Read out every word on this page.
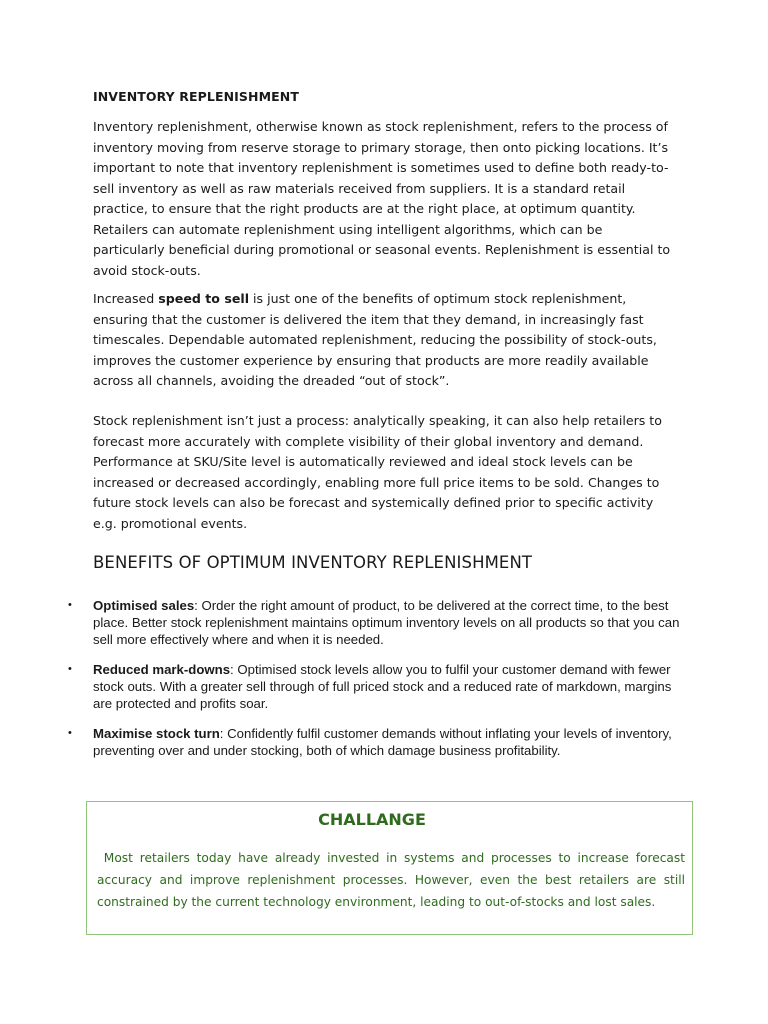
INVENTORY REPLENISHMENT

Inventory replenishment, otherwise known as stock replenishment, refers to the process of inventory moving from reserve storage to primary storage, then onto picking locations. It’s important to note that inventory replenishment is sometimes used to define both ready-to-sell inventory as well as raw materials received from suppliers. It is a standard retail practice, to ensure that the right products are at the right place, at optimum quantity. Retailers can automate replenishment using intelligent algorithms, which can be particularly beneficial during promotional or seasonal events. Replenishment is essential to avoid stock-outs.

Increased speed to sell is just one of the benefits of optimum stock replenishment, ensuring that the customer is delivered the item that they demand, in increasingly fast timescales. Dependable automated replenishment, reducing the possibility of stock-outs, improves the customer experience by ensuring that products are more readily available across all channels, avoiding the dreaded “out of stock”.

Stock replenishment isn’t just a process: analytically speaking, it can also help retailers to forecast more accurately with complete visibility of their global inventory and demand. Performance at SKU/Site level is automatically reviewed and ideal stock levels can be increased or decreased accordingly, enabling more full price items to be sold. Changes to future stock levels can also be forecast and systemically defined prior to specific activity e.g. promotional events.

BENEFITS OF OPTIMUM INVENTORY REPLENISHMENT
• Optimised sales: Order the right amount of product, to be delivered at the correct time, to the best place. Better stock replenishment maintains optimum inventory levels on all products so that you can sell more effectively where and when it is needed.
• Reduced mark-downs: Optimised stock levels allow you to fulfil your customer demand with fewer stock outs. With a greater sell through of full priced stock and a reduced rate of markdown, margins are protected and profits soar.
• Maximise stock turn: Confidently fulfil customer demands without inflating your levels of inventory, preventing over and under stocking, both of which damage business profitability.
CHALLANGE

Most retailers today have already invested in systems and processes to increase forecast accuracy and improve replenishment processes. However, even the best retailers are still constrained by the current technology environment, leading to out-of-stocks and lost sales.
